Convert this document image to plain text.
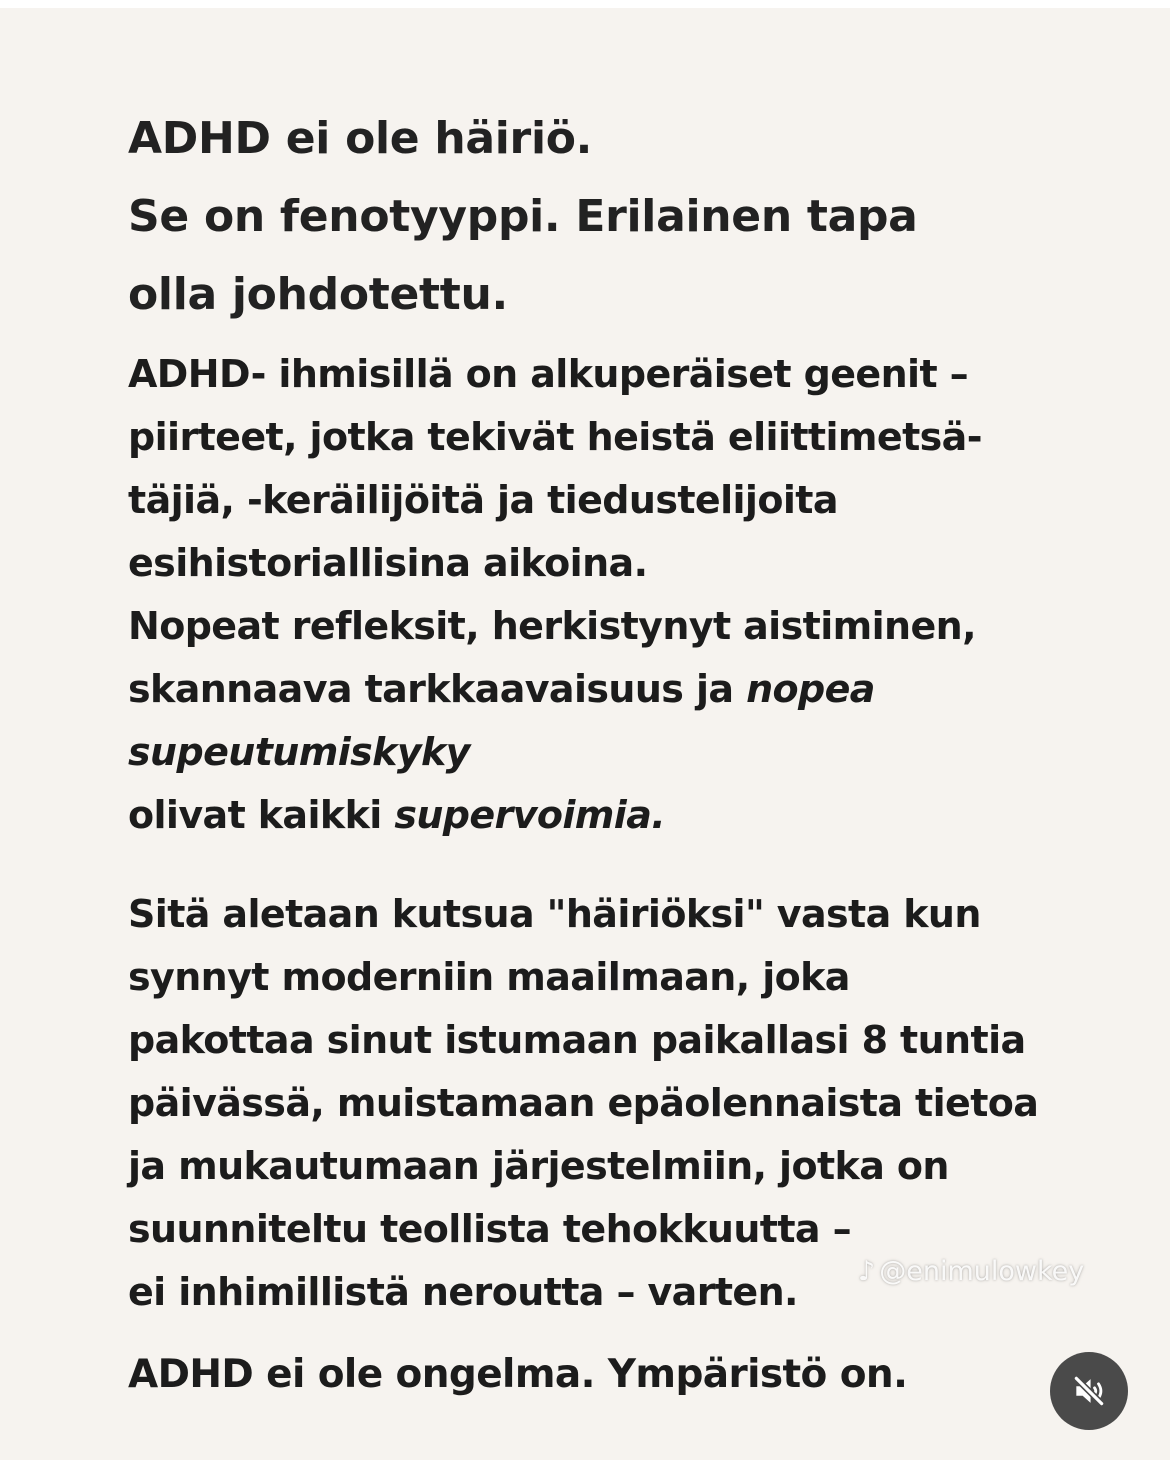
ADHD ei ole häiriö.
Se on fenotyyppi. Erilainen tapa
olla johdotettu.

ADHD- ihmisillä on alkuperäiset geenit –
piirteet, jotka tekivät heistä eliittimetsä-
täjiä, -keräilijöitä ja tiedustelijoita
esihistoriallisina aikoina.
Nopeat refleksit, herkistynyt aistiminen,
skannaava tarkkaavaisuus ja nopea
supeutumiskyky
olivat kaikki supervoimia.

Sitä aletaan kutsua "häiriöksi" vasta kun
synnyt moderniin maailmaan, joka
pakottaa sinut istumaan paikallasi 8 tuntia
päivässä, muistamaan epäolennaista tietoa
ja mukautumaan järjestelmiin, jotka on
suunniteltu teollista tehokkuutta –
ei inhimillistä neroutta – varten.

ADHD ei ole ongelma. Ympäristö on.

♪ @enimulowkey
